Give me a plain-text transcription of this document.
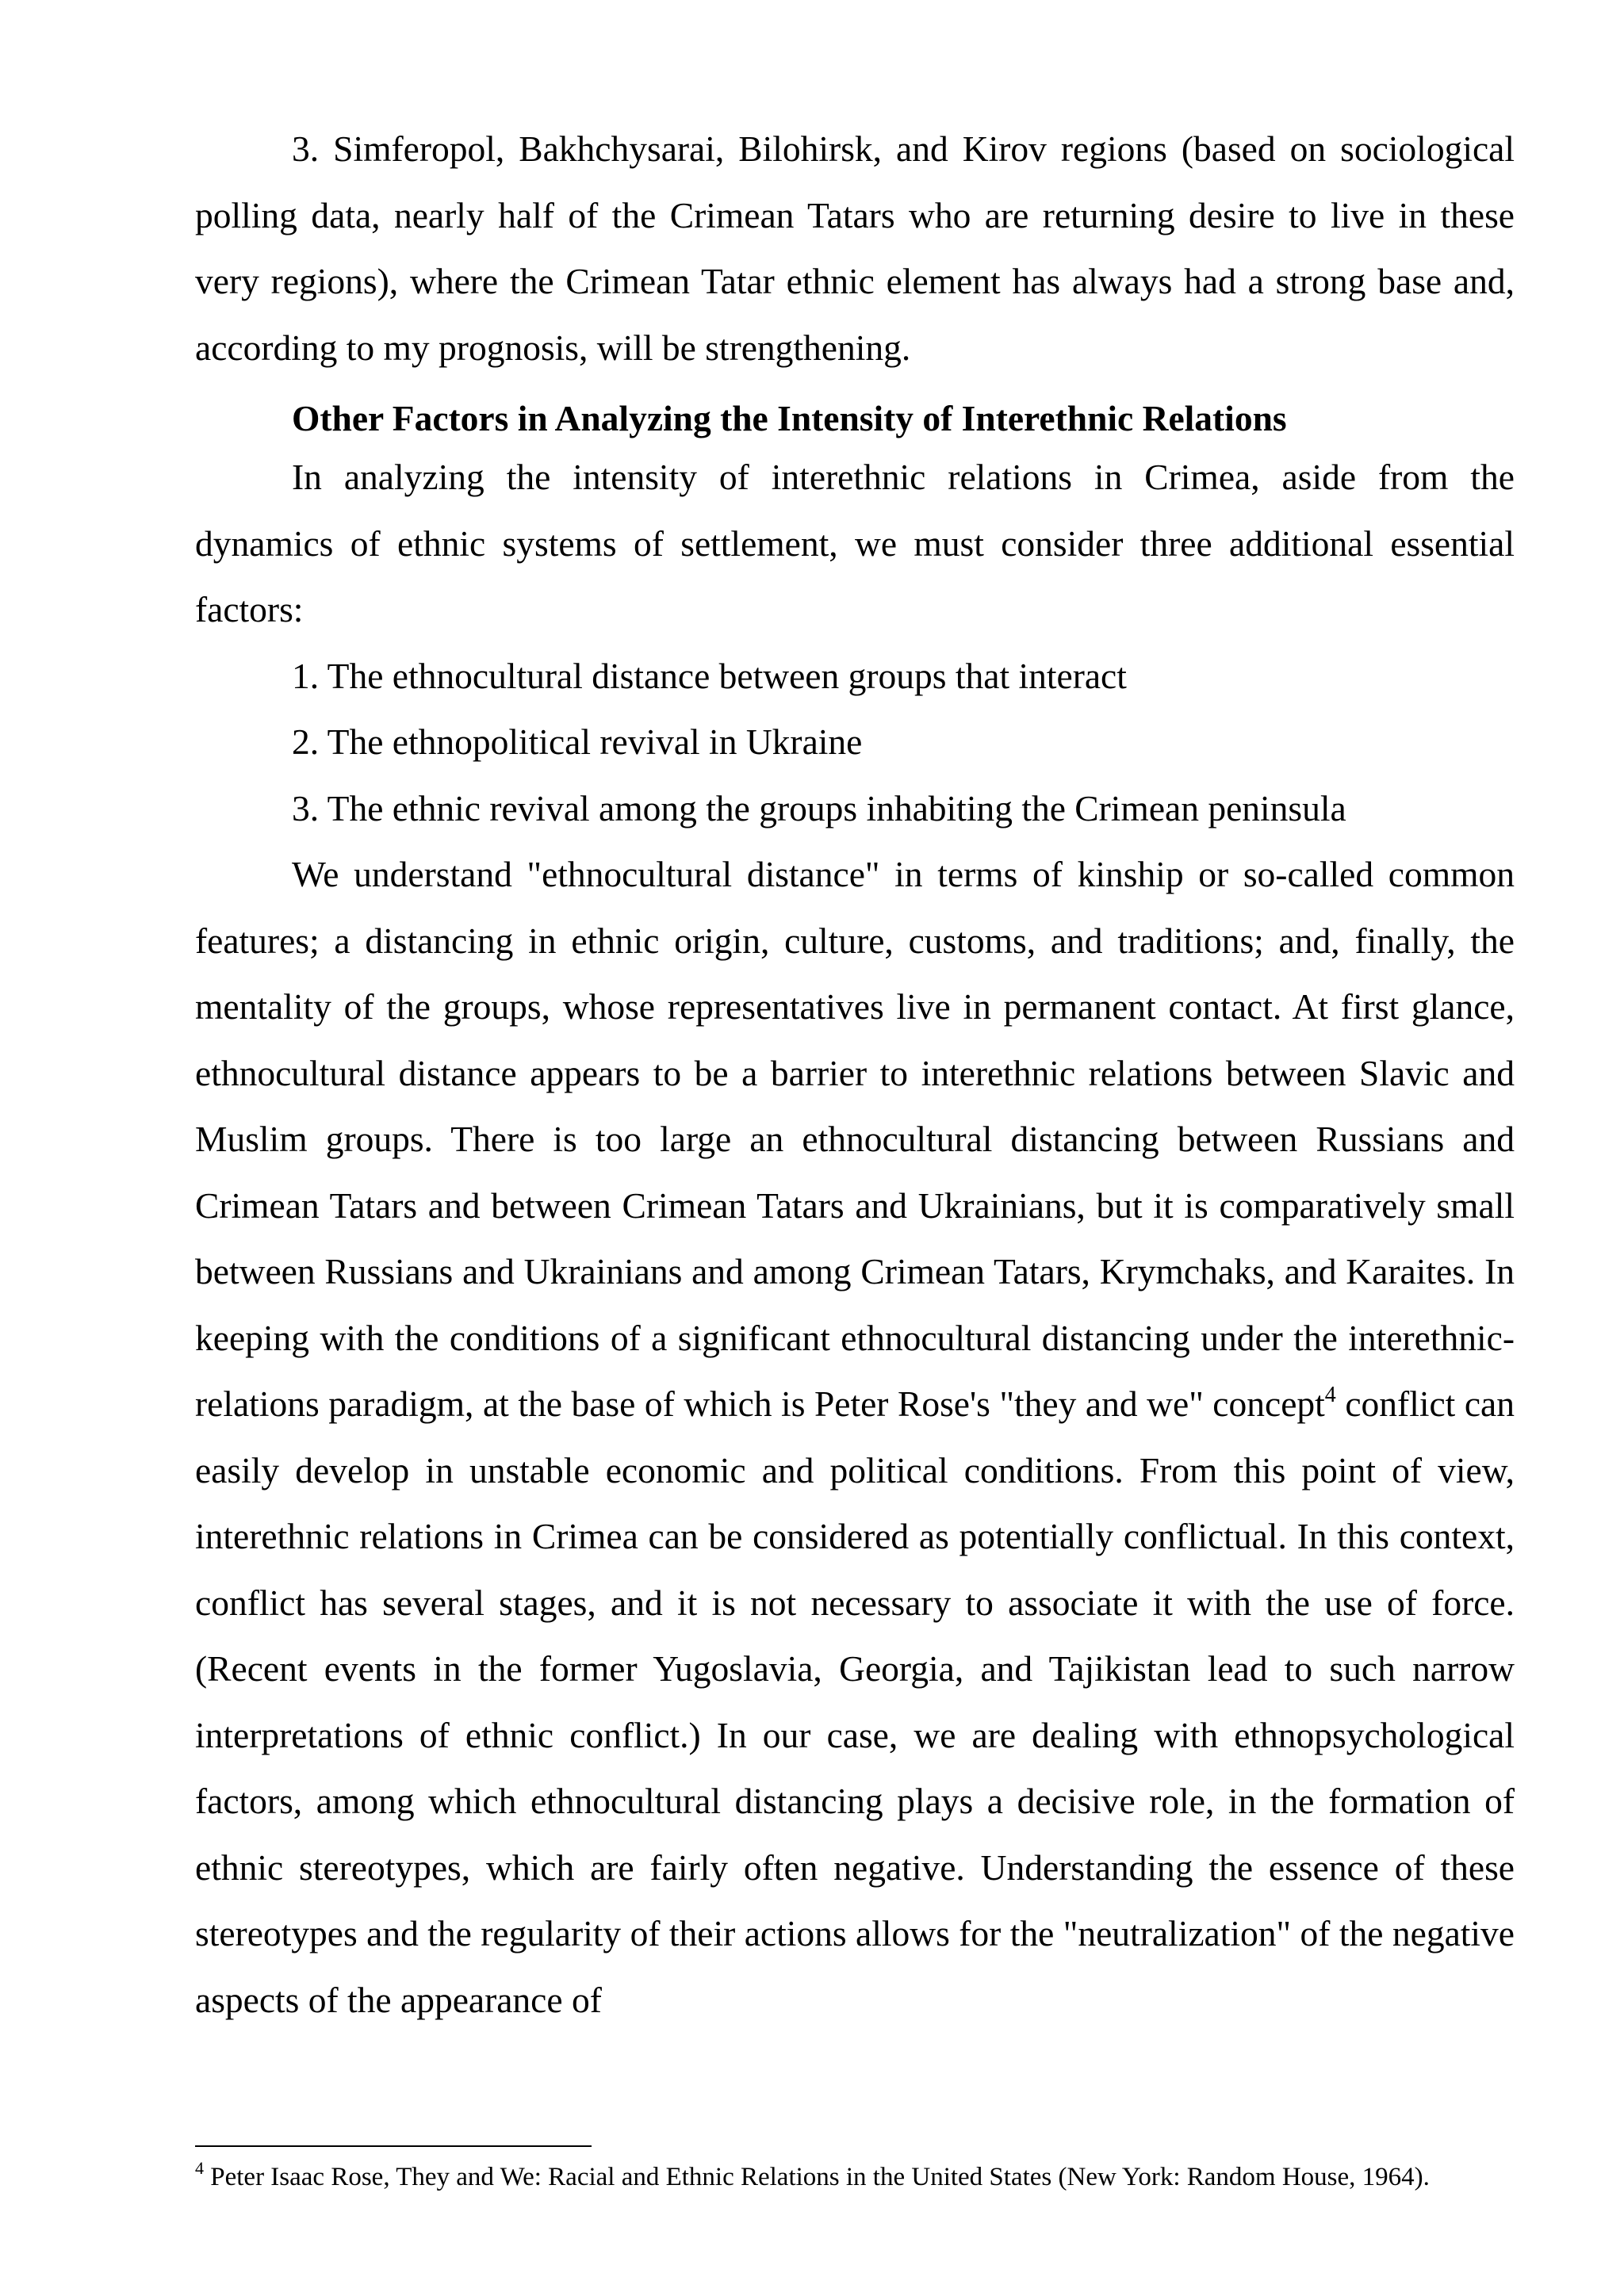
3. Simferopol, Bakhchysarai, Bilohirsk, and Kirov regions (based on sociological polling data, nearly half of the Crimean Tatars who are returning desire to live in these very regions), where the Crimean Tatar ethnic element has always had a strong base and, according to my prognosis, will be strengthening.

Other Factors in Analyzing the Intensity of Interethnic Relations

In analyzing the intensity of interethnic relations in Crimea, aside from the dynamics of ethnic systems of settlement, we must consider three additional essential factors:

1. The ethnocultural distance between groups that interact

2. The ethnopolitical revival in Ukraine

3. The ethnic revival among the groups inhabiting the Crimean peninsula

We understand "ethnocultural distance" in terms of kinship or so-called common features; a distancing in ethnic origin, culture, customs, and traditions; and, finally, the mentality of the groups, whose representatives live in permanent contact. At first glance, ethnocultural distance appears to be a barrier to interethnic relations between Slavic and Muslim groups. There is too large an ethnocultural distancing between Russians and Crimean Tatars and between Crimean Tatars and Ukrainians, but it is comparatively small between Russians and Ukrainians and among Crimean Tatars, Krymchaks, and Karaites. In keeping with the conditions of a significant ethnocultural distancing under the interethnic-relations paradigm, at the base of which is Peter Rose's "they and we" concept$^4$ conflict can easily develop in unstable economic and political conditions. From this point of view, interethnic relations in Crimea can be considered as potentially conflictual. In this context, conflict has several stages, and it is not necessary to associate it with the use of force. (Recent events in the former Yugoslavia, Georgia, and Tajikistan lead to such narrow interpretations of ethnic conflict.) In our case, we are dealing with ethnopsychological factors, among which ethnocultural distancing plays a decisive role, in the formation of ethnic stereotypes, which are fairly often negative. Understanding the essence of these stereotypes and the regularity of their actions allows for the "neutralization" of the negative aspects of the appearance of

$^4$ Peter Isaac Rose, They and We: Racial and Ethnic Relations in the United States (New York: Random House, 1964).
